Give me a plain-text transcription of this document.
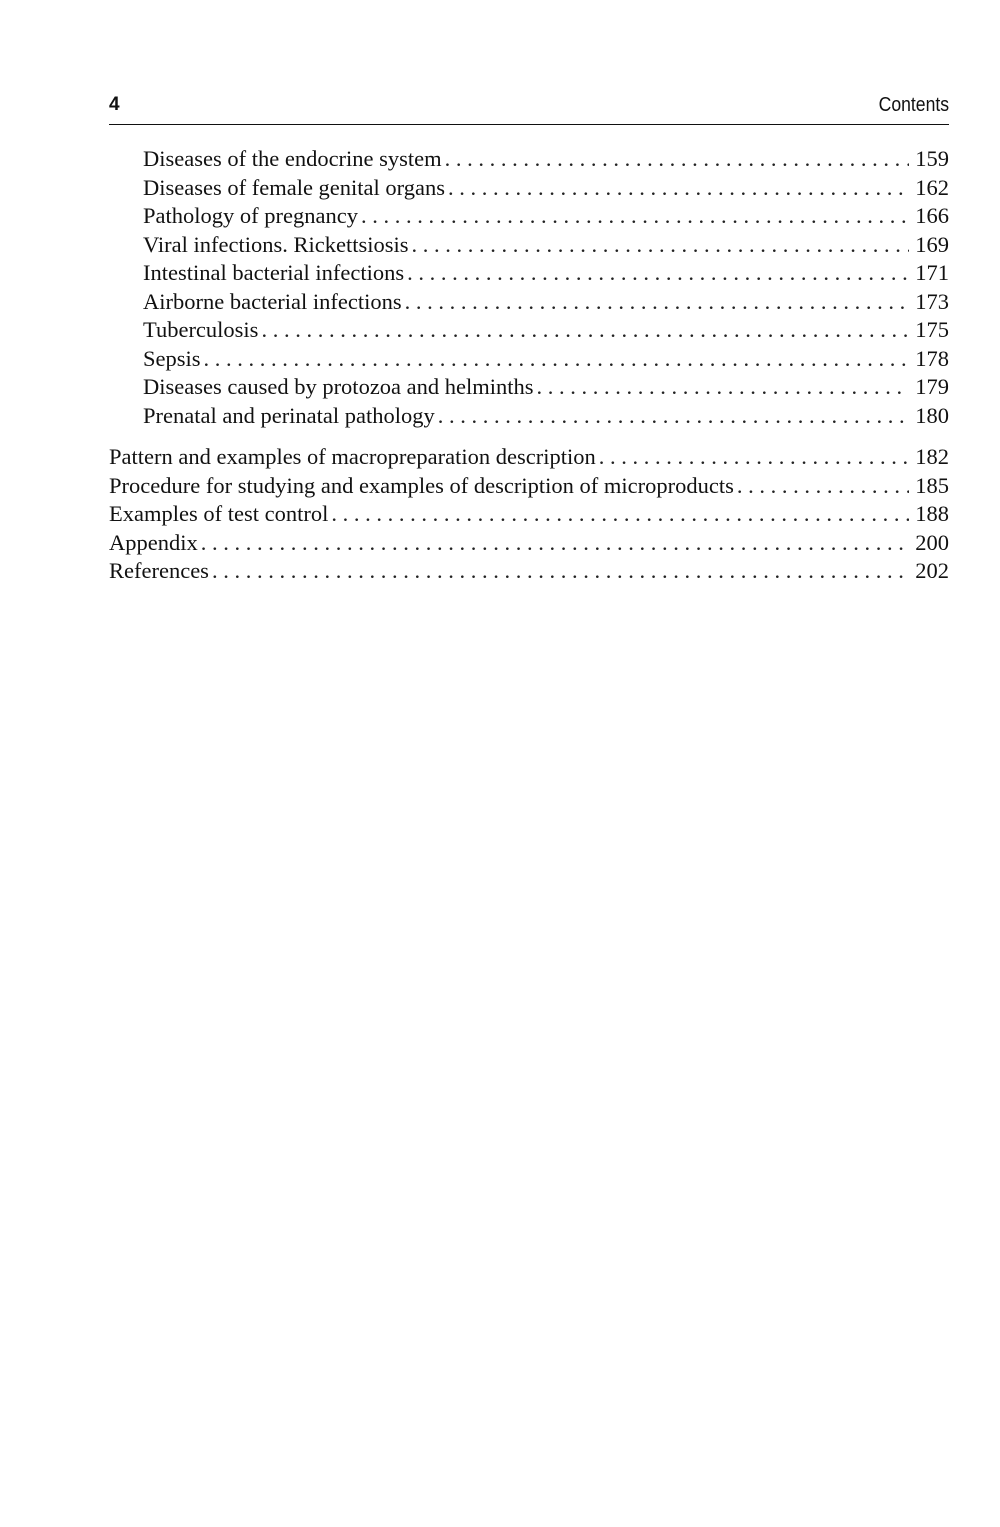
4	Contents
Diseases of the endocrine system . . .	159
Diseases of female genital organs . . .	162
Pathology of pregnancy . . .	166
Viral infections. Rickettsiosis . . .	169
Intestinal bacterial infections . . .	171
Airborne bacterial infections . . .	173
Tuberculosis . . .	175
Sepsis . . .	178
Diseases caused by protozoa and helminths . . .	179
Prenatal and perinatal pathology . . .	180
Pattern and examples of macropreparation description . . .	182
Procedure for studying and examples of description of microproducts . . .	185
Examples of test control . . .	188
Appendix . . .	200
References . . .	202
